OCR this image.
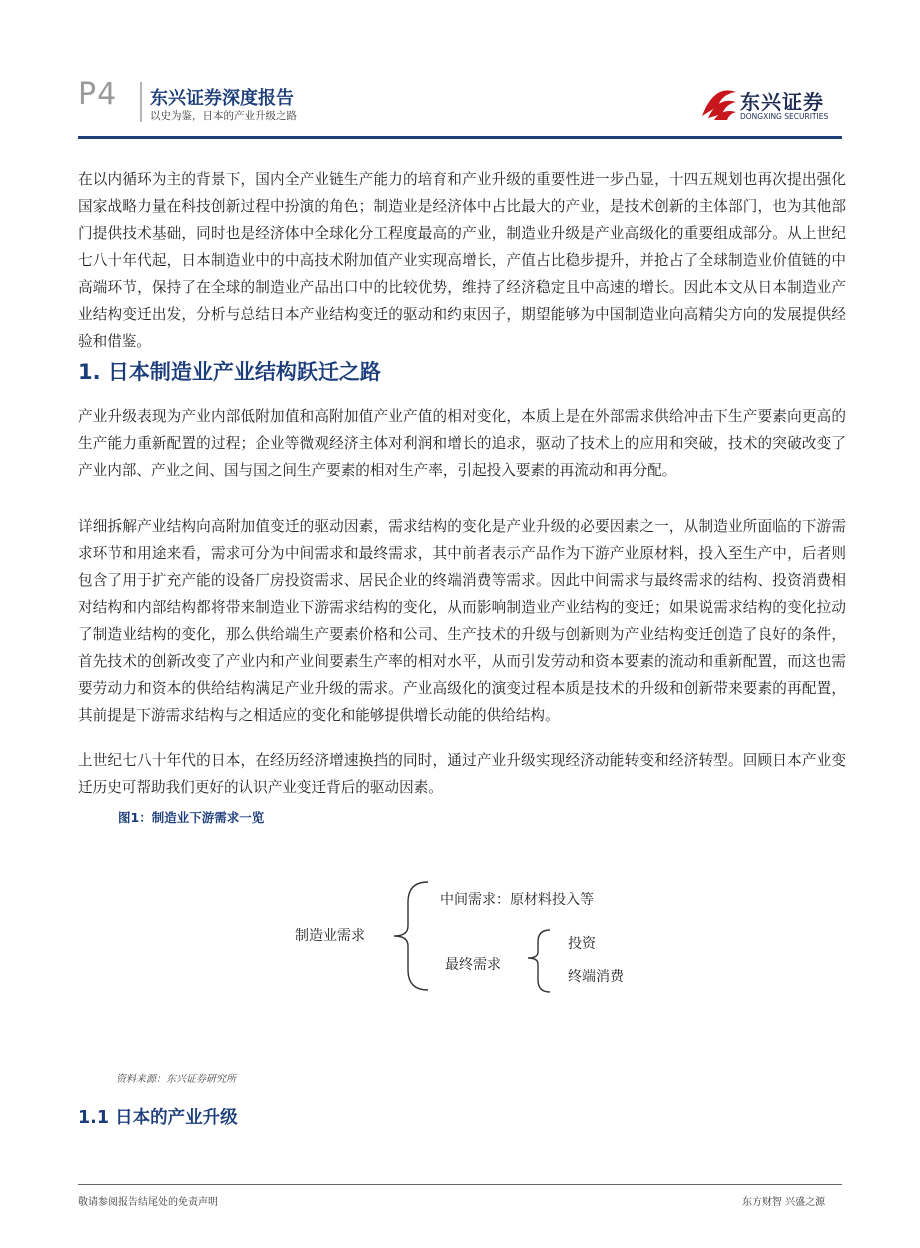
P4 东兴证券深度报告
以史为鉴，日本的产业升级之路
东兴证券
DONGXING SECURITIES

在以内循环为主的背景下，国内全产业链生产能力的培育和产业升级的重要性进一步凸显，十四五规划也再次提出强化国家战略力量在科技创新过程中扮演的角色；制造业是经济体中占比最大的产业，是技术创新的主体部门，也为其他部门提供技术基础，同时也是经济体中全球化分工程度最高的产业，制造业升级是产业高级化的重要组成部分。从上世纪七八十年代起，日本制造业中的中高技术附加值产业实现高增长，产值占比稳步提升，并抢占了全球制造业价值链的中高端环节，保持了在全球的制造业产品出口中的比较优势，维持了经济稳定且中高速的增长。因此本文从日本制造业产业结构变迁出发，分析与总结日本产业结构变迁的驱动和约束因子，期望能够为中国制造业向高精尖方向的发展提供经验和借鉴。

1. 日本制造业产业结构跃迁之路

产业升级表现为产业内部低附加值和高附加值产业产值的相对变化，本质上是在外部需求供给冲击下生产要素向更高的生产能力重新配置的过程；企业等微观经济主体对利润和增长的追求，驱动了技术上的应用和突破，技术的突破改变了产业内部、产业之间、国与国之间生产要素的相对生产率，引起投入要素的再流动和再分配。

详细拆解产业结构向高附加值变迁的驱动因素，需求结构的变化是产业升级的必要因素之一，从制造业所面临的下游需求环节和用途来看，需求可分为中间需求和最终需求，其中前者表示产品作为下游产业原材料，投入至生产中，后者则包含了用于扩充产能的设备厂房投资需求、居民企业的终端消费等需求。因此中间需求与最终需求的结构、投资消费相对结构和内部结构都将带来制造业下游需求结构的变化，从而影响制造业产业结构的变迁；如果说需求结构的变化拉动了制造业结构的变化，那么供给端生产要素价格和公司、生产技术的升级与创新则为产业结构变迁创造了良好的条件，首先技术的创新改变了产业内和产业间要素生产率的相对水平，从而引发劳动和资本要素的流动和重新配置，而这也需要劳动力和资本的供给结构满足产业升级的需求。产业高级化的演变过程本质是技术的升级和创新带来要素的再配置，其前提是下游需求结构与之相适应的变化和能够提供增长动能的供给结构。

上世纪七八十年代的日本，在经历经济增速换挡的同时，通过产业升级实现经济动能转变和经济转型。回顾日本产业变迁历史可帮助我们更好的认识产业变迁背后的驱动因素。

图1：制造业下游需求一览
制造业需求
中间需求：原材料投入等
最终需求
投资
终端消费
资料来源：东兴证券研究所
1.1 日本的产业升级
敬请参阅报告结尾处的免责声明	东方财智 兴盛之源
